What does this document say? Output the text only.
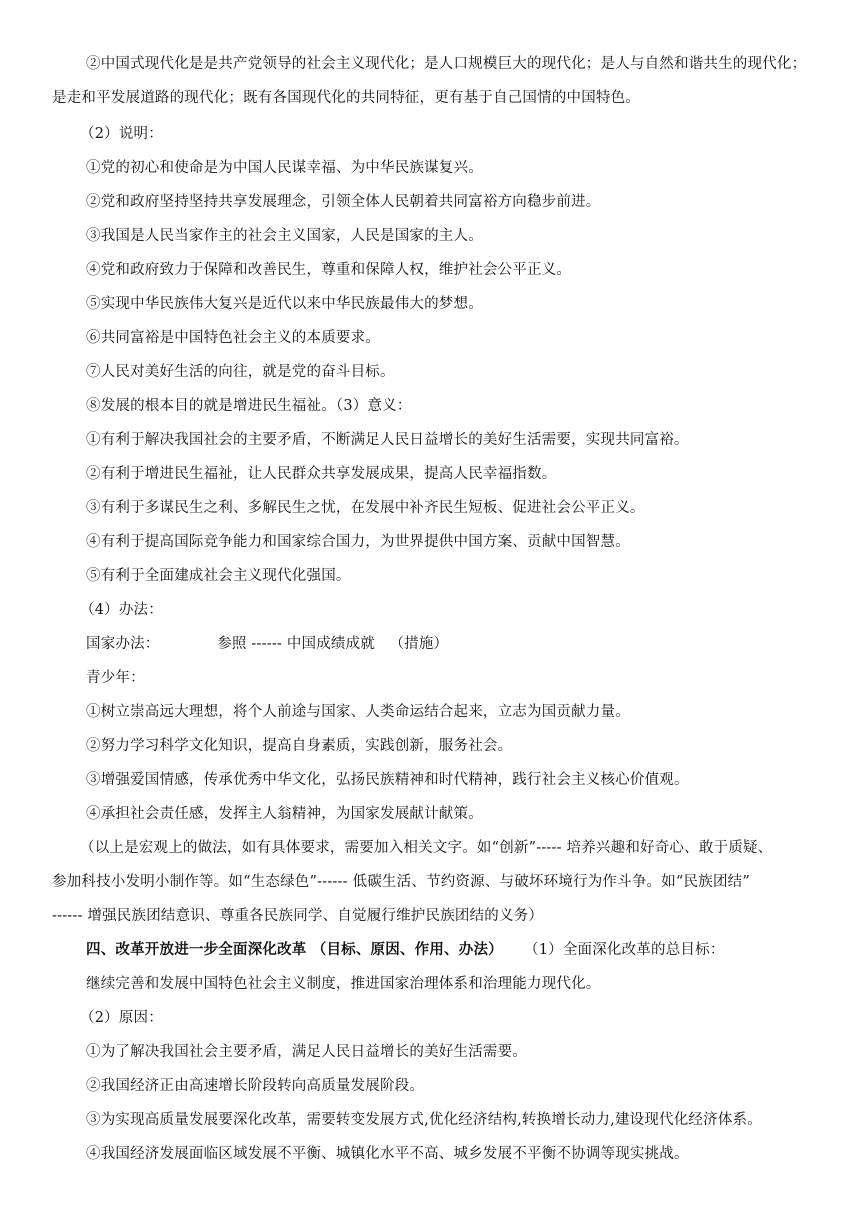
②中国式现代化是是共产党领导的社会主义现代化；是人口规模巨大的现代化；是人与自然和谐共生的现代化；
是走和平发展道路的现代化；既有各国现代化的共同特征，更有基于自己国情的中国特色。
（2）说明：
①党的初心和使命是为中国人民谋幸福、为中华民族谋复兴。
②党和政府坚持坚持共享发展理念，引领全体人民朝着共同富裕方向稳步前进。
③我国是人民当家作主的社会主义国家，人民是国家的主人。
④党和政府致力于保障和改善民生，尊重和保障人权，维护社会公平正义。
⑤实现中华民族伟大复兴是近代以来中华民族最伟大的梦想。
⑥共同富裕是中国特色社会主义的本质要求。
⑦人民对美好生活的向往，就是党的奋斗目标。
⑧发展的根本目的就是增进民生福祉。（3）意义：
①有利于解决我国社会的主要矛盾，不断满足人民日益增长的美好生活需要，实现共同富裕。
②有利于增进民生福祉，让人民群众共享发展成果，提高人民幸福指数。
③有利于多谋民生之利、多解民生之忧，在发展中补齐民生短板、促进社会公平正义。
④有利于提高国际竞争能力和国家综合国力，为世界提供中国方案、贡献中国智慧。
⑤有利于全面建成社会主义现代化强国。
（4）办法：
国家办法：            参照 ------ 中国成绩成就   （措施）
青少年：
①树立崇高远大理想，将个人前途与国家、人类命运结合起来，立志为国贡献力量。
②努力学习科学文化知识，提高自身素质，实践创新，服务社会。
③增强爱国情感，传承优秀中华文化，弘扬民族精神和时代精神，践行社会主义核心价值观。
④承担社会责任感，发挥主人翁精神，为国家发展献计献策。
（以上是宏观上的做法，如有具体要求，需要加入相关文字。如“创新”----- 培养兴趣和好奇心、敢于质疑、
参加科技小发明小制作等。如“生态绿色”------ 低碳生活、节约资源、与破坏环境行为作斗争。如“民族团结”
------ 增强民族团结意识、尊重各民族同学、自觉履行维护民族团结的义务）
四、改革开放进一步全面深化改革 （目标、原因、作用、办法） （1）全面深化改革的总目标：
继续完善和发展中国特色社会主义制度，推进国家治理体系和治理能力现代化。
（2）原因：
①为了解决我国社会主要矛盾，满足人民日益增长的美好生活需要。
②我国经济正由高速增长阶段转向高质量发展阶段。
③为实现高质量发展要深化改革，需要转变发展方式,优化经济结构,转换增长动力,建设现代化经济体系。
④我国经济发展面临区域发展不平衡、城镇化水平不高、城乡发展不平衡不协调等现实挑战。
